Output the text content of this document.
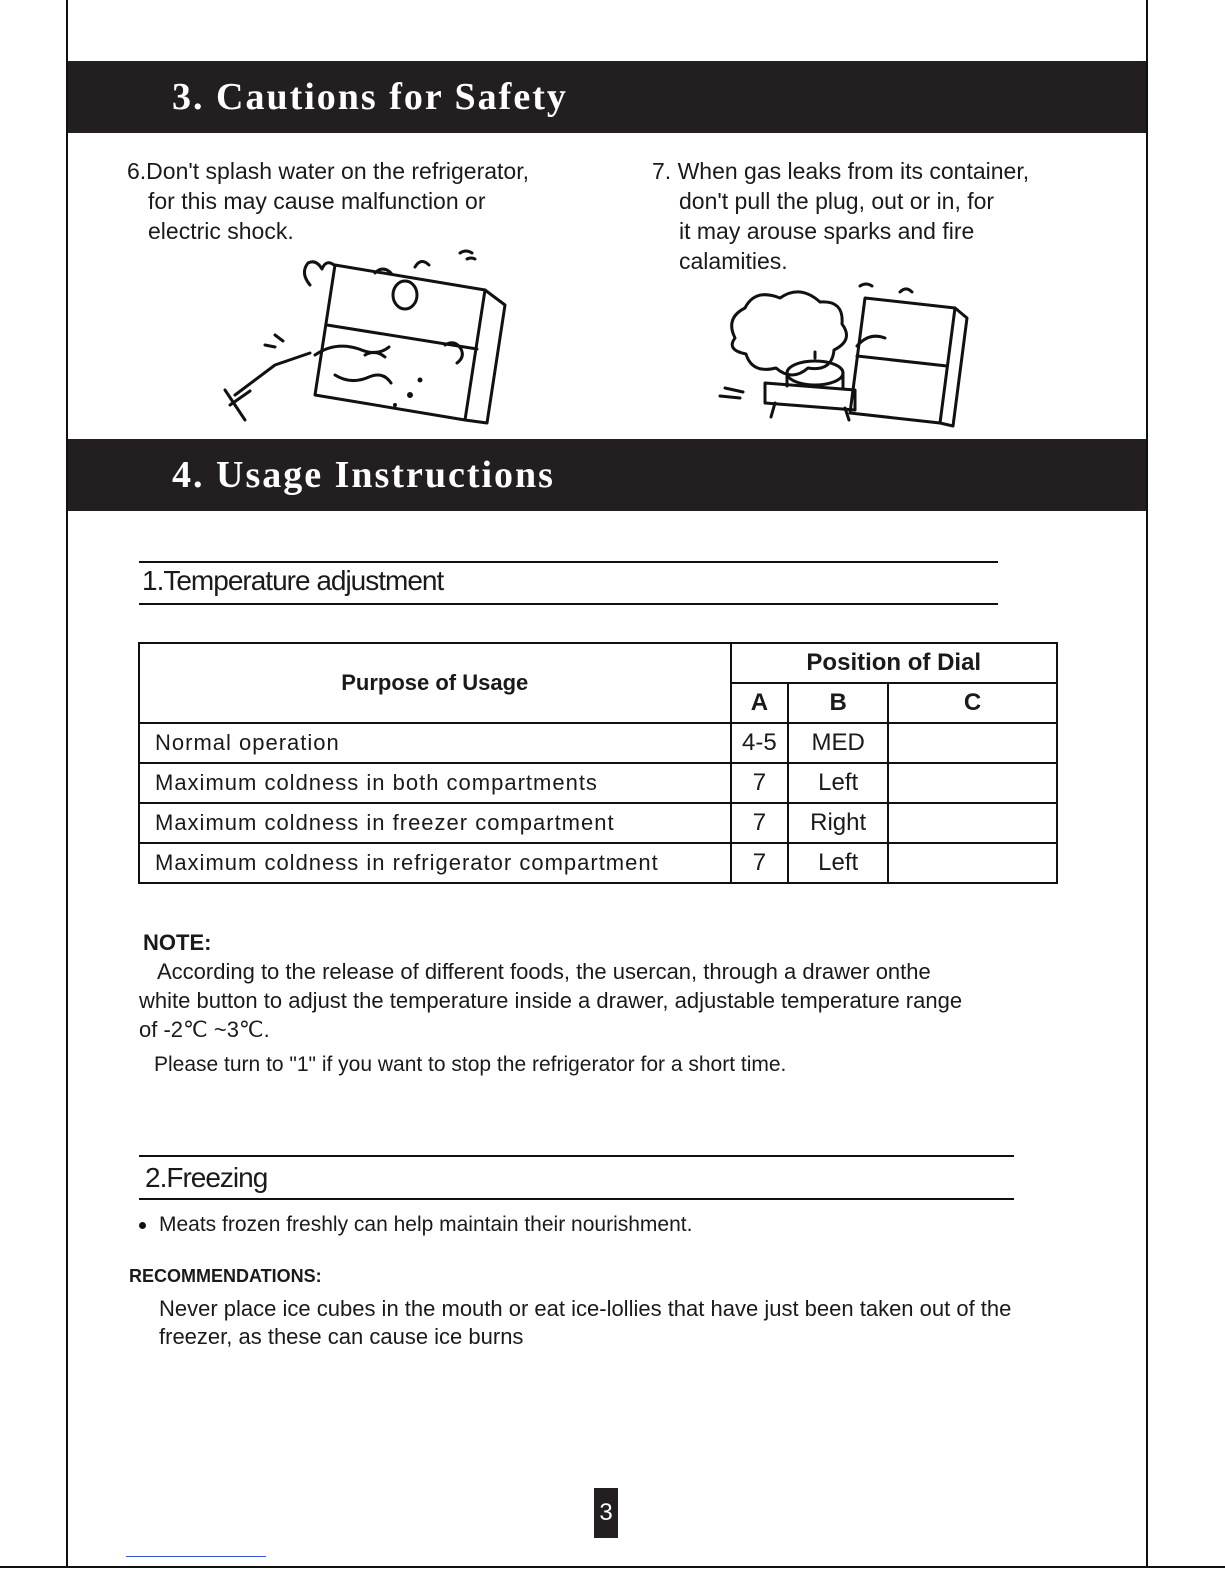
3. Cautions for Safety
6.Don't splash water on the refrigerator,
for this may cause malfunction or
electric shock.
7. When gas leaks from its container,
don't pull the plug, out or in, for
it may arouse sparks and fire
calamities.
4. Usage Instructions
1.Temperature adjustment
Purpose of Usage	Position of Dial		
	A	B	C
Normal operation	4-5	MED	
Maximum coldness in both compartments	7	Left	
Maximum coldness in freezer compartment	7	Right	
Maximum coldness in refrigerator compartment	7	Left	
NOTE:
According to the release of different foods, the usercan, through a drawer onthe
white button to adjust the temperature inside a drawer, adjustable temperature range
of -2℃ ~3℃.
Please turn to "1" if you want to stop the refrigerator for a short time.
2.Freezing
Meats frozen freshly can help maintain their nourishment.
RECOMMENDATIONS:
Never place ice cubes in the mouth or eat ice-lollies that have just been taken out of the
freezer, as these can cause ice burns
3
